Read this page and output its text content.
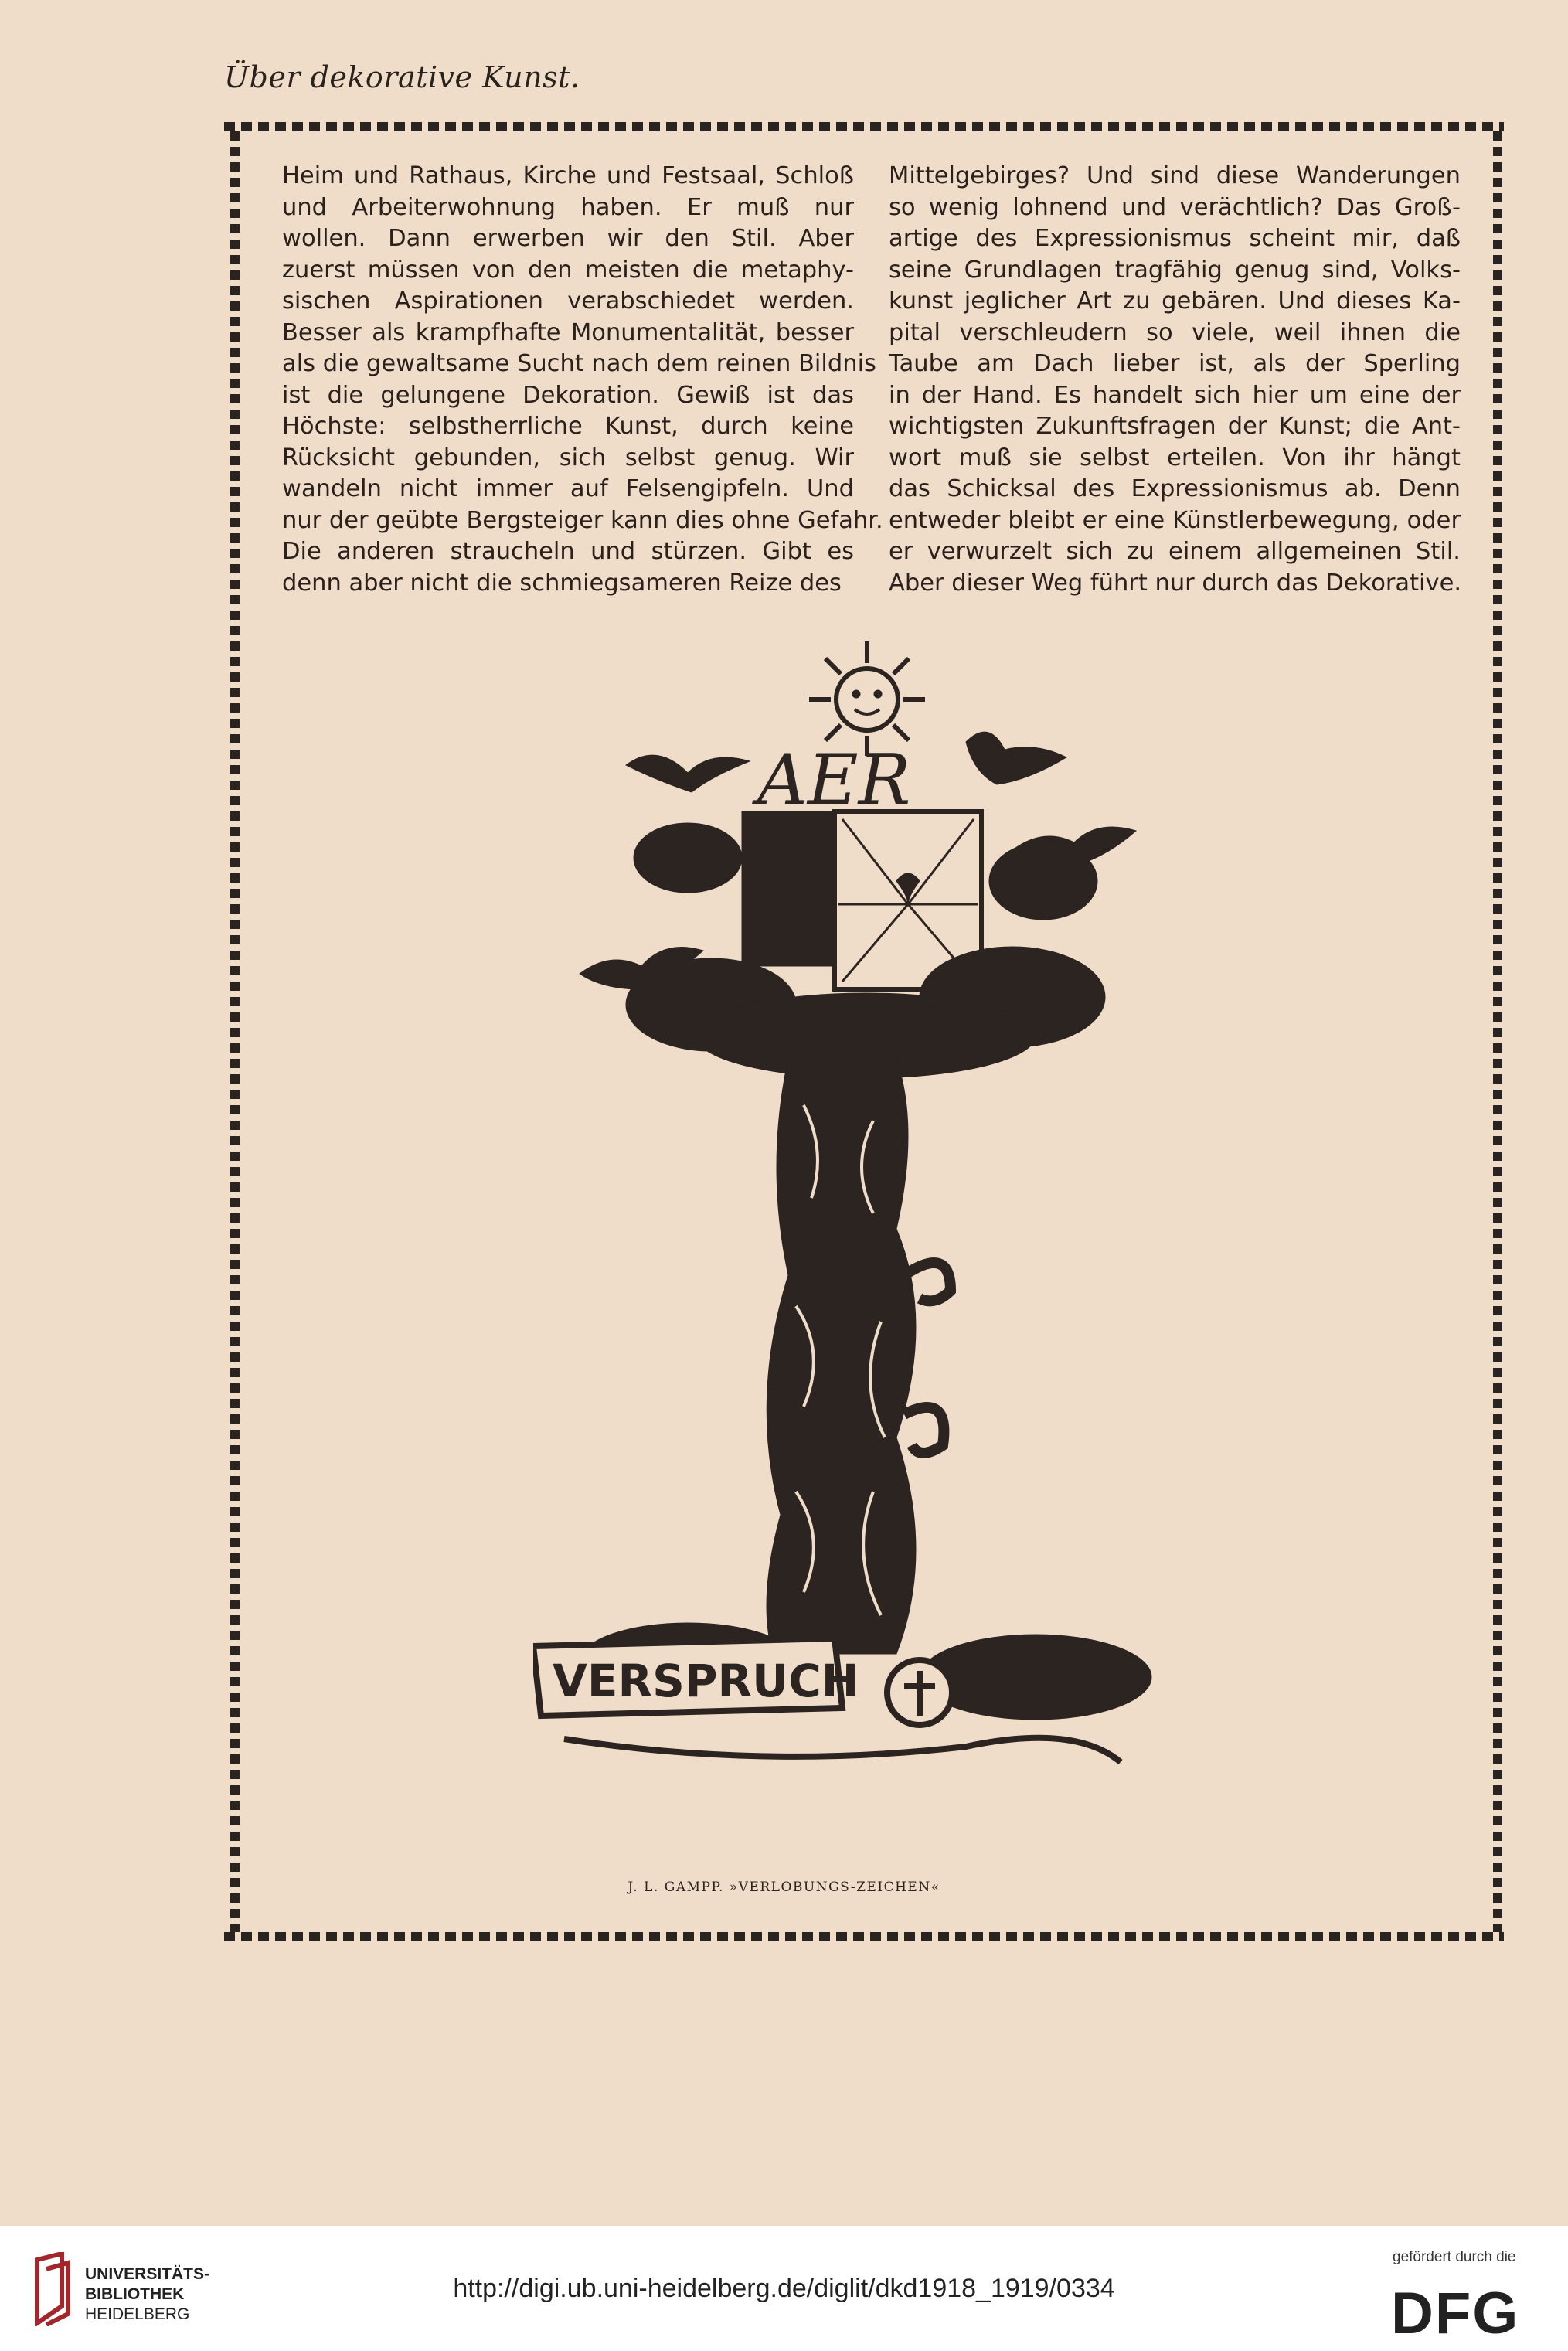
Über dekorative Kunst.
Heim und Rathaus, Kirche und Festsaal, Schloß
und Arbeiterwohnung haben. Er muß nur
wollen. Dann erwerben wir den Stil. Aber
zuerst müssen von den meisten die metaphy-
sischen Aspirationen verabschiedet werden.
Besser als krampfhafte Monumentalität, besser
als die gewaltsame Sucht nach dem reinen Bildnis
ist die gelungene Dekoration. Gewiß ist das
Höchste: selbstherrliche Kunst, durch keine
Rücksicht gebunden, sich selbst genug. Wir
wandeln nicht immer auf Felsengipfeln. Und
nur der geübte Bergsteiger kann dies ohne Gefahr.
Die anderen straucheln und stürzen. Gibt es
denn aber nicht die schmiegsameren Reize des
Mittelgebirges? Und sind diese Wanderungen
so wenig lohnend und verächtlich? Das Groß-
artige des Expressionismus scheint mir, daß
seine Grundlagen tragfähig genug sind, Volks-
kunst jeglicher Art zu gebären. Und dieses Ka-
pital verschleudern so viele, weil ihnen die
Taube am Dach lieber ist, als der Sperling
in der Hand. Es handelt sich hier um eine der
wichtigsten Zukunftsfragen der Kunst; die Ant-
wort muß sie selbst erteilen. Von ihr hängt
das Schicksal des Expressionismus ab. Denn
entweder bleibt er eine Künstlerbewegung, oder
er verwurzelt sich zu einem allgemeinen Stil.
Aber dieser Weg führt nur durch das Dekorative.
AER
VERSPRUCH
J. L. GAMPP. »VERLOBUNGS-ZEICHEN«
UNIVERSITÄTS-
BIBLIOTHEK
HEIDELBERG
http://digi.ub.uni-heidelberg.de/diglit/dkd1918_1919/0334
gefördert durch die
DFG
